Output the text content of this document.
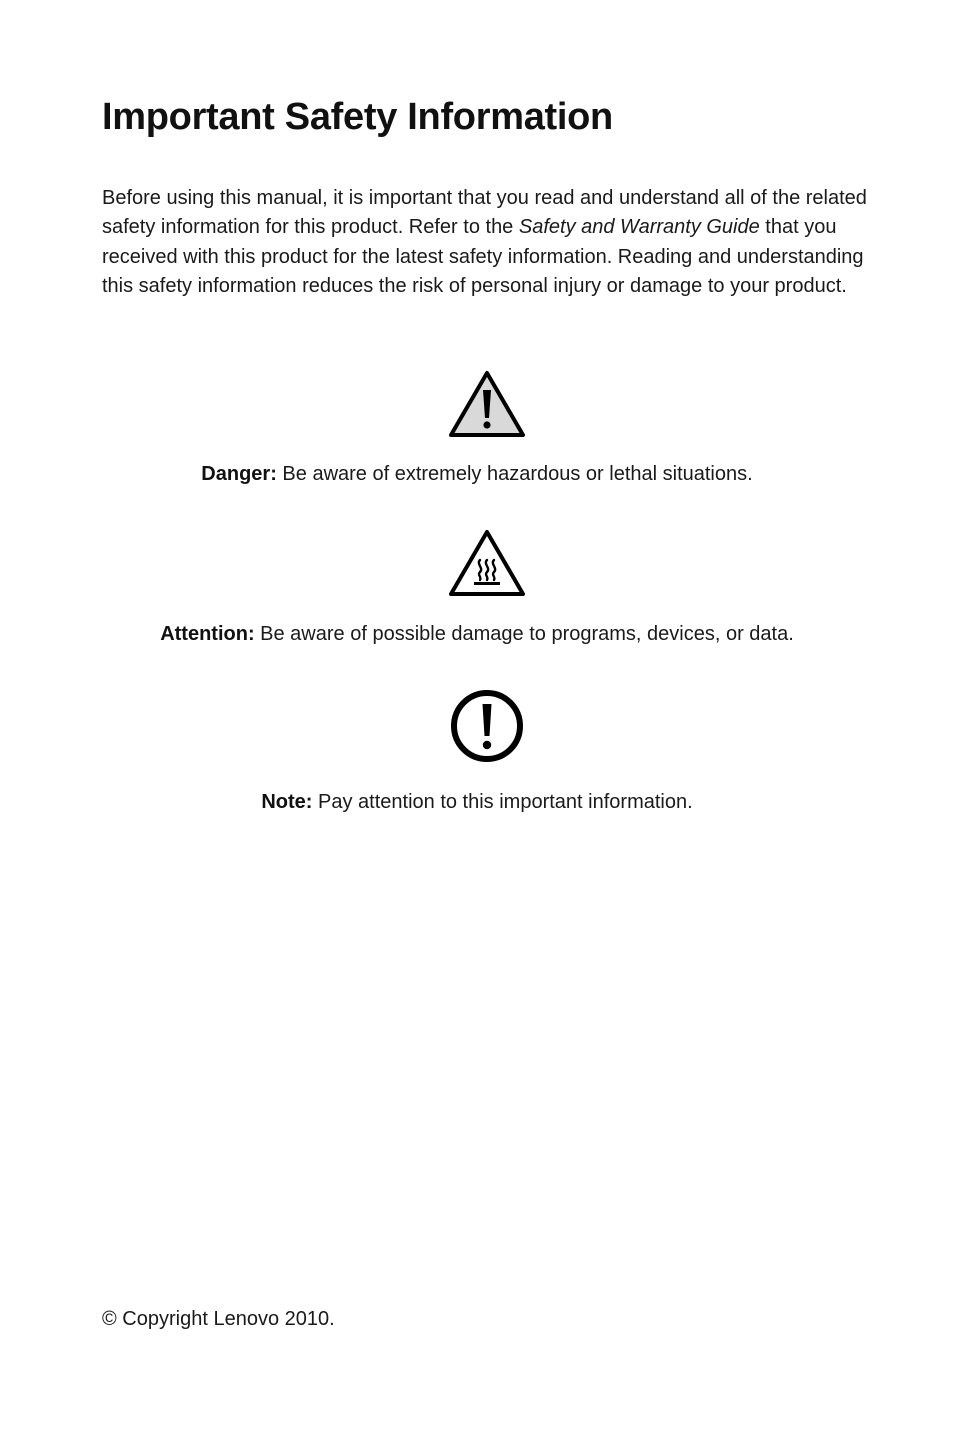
Important Safety Information

Before using this manual, it is important that you read and understand all of the related safety information for this product. Refer to the Safety and Warranty Guide that you received with this product for the latest safety information. Reading and understanding this safety information reduces the risk of personal injury or damage to your product.

Danger: Be aware of extremely hazardous or lethal situations.

Attention: Be aware of possible damage to programs, devices, or data.

Note: Pay attention to this important information.

© Copyright Lenovo 2010.
